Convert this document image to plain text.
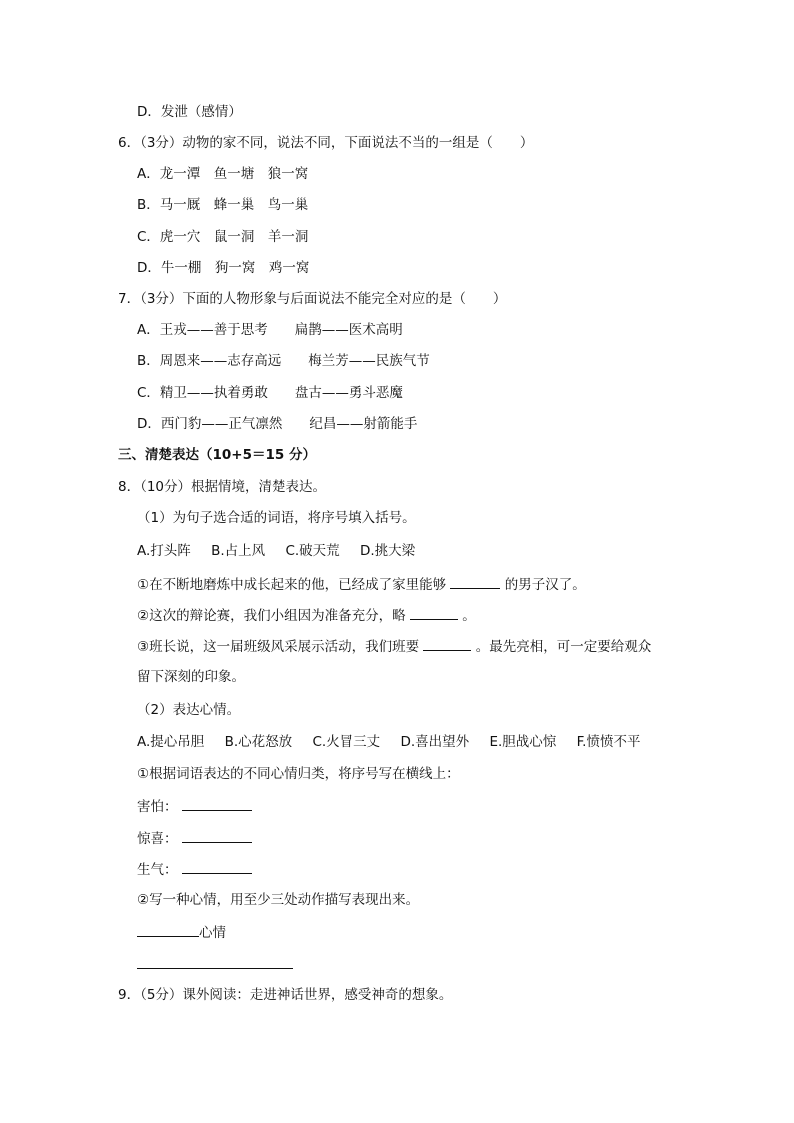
D．发泄（感情）
6．（3分）动物的家不同，说法不同，下面说法不当的一组是（　　）
A．龙一潭　鱼一塘　狼一窝
B．马一厩　蜂一巢　鸟一巢
C．虎一穴　鼠一洞　羊一洞
D．牛一棚　狗一窝　鸡一窝
7．（3分）下面的人物形象与后面说法不能完全对应的是（　　）
A．王戎——善于思考　　扁鹊——医术高明
B．周恩来——志存高远　　梅兰芳——民族气节
C．精卫——执着勇敢　　盘古——勇斗恶魔
D．西门豹——正气凛然　　纪昌——射箭能手
三、清楚表达（10+5＝15 分）
8．（10分）根据情境，清楚表达。
（1）为句子选合适的词语，将序号填入括号。
A.打头阵 B.占上风 C.破天荒 D.挑大梁
①在不断地磨炼中成长起来的他，已经成了家里能够	的男子汉了。
②这次的辩论赛，我们小组因为准备充分，略	。
③班长说，这一届班级风采展示活动，我们班要	。最先亮相，可一定要给观众
留下深刻的印象。
（2）表达心情。
A.提心吊胆 B.心花怒放 C.火冒三丈 D.喜出望外 E.胆战心惊 F.愤愤不平
①根据词语表达的不同心情归类，将序号写在横线上：
害怕：
惊喜：
生气：
②写一种心情，用至少三处动作描写表现出来。
心情
9．（5分）课外阅读：走进神话世界，感受神奇的想象。
